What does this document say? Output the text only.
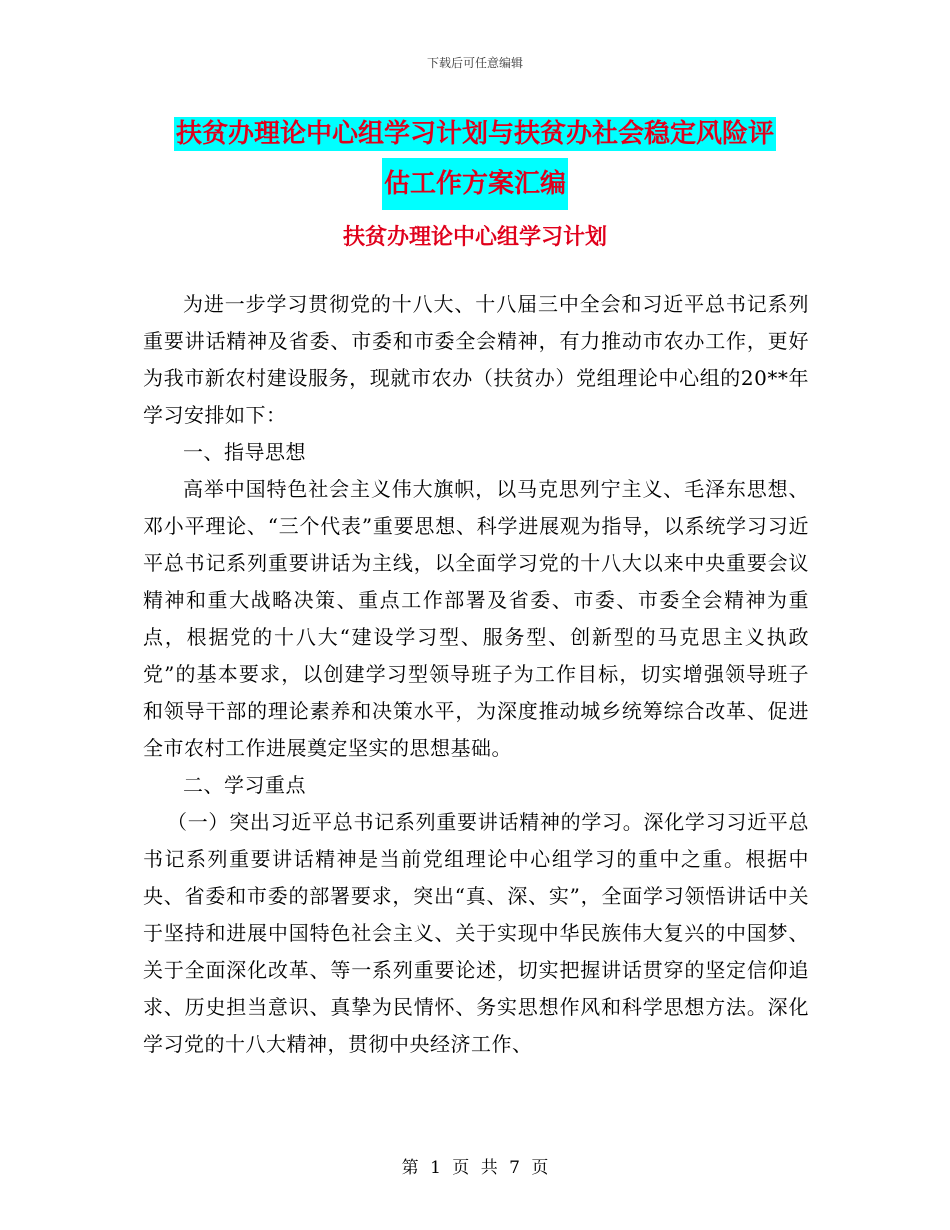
下载后可任意编辑
扶贫办理论中心组学习计划与扶贫办社会稳定风险评
估工作方案汇编
扶贫办理论中心组学习计划

为进一步学习贯彻党的十八大、十八届三中全会和习近平总书记系列重要讲话精神及省委、市委和市委全会精神，有力推动市农办工作，更好为我市新农村建设服务，现就市农办（扶贫办）党组理论中心组的20**年学习安排如下：

一、指导思想

高举中国特色社会主义伟大旗帜，以马克思列宁主义、毛泽东思想、邓小平理论、“三个代表”重要思想、科学进展观为指导，以系统学习习近平总书记系列重要讲话为主线，以全面学习党的十八大以来中央重要会议精神和重大战略决策、重点工作部署及省委、市委、市委全会精神为重点，根据党的十八大“建设学习型、服务型、创新型的马克思主义执政党”的基本要求，以创建学习型领导班子为工作目标，切实增强领导班子和领导干部的理论素养和决策水平，为深度推动城乡统筹综合改革、促进全市农村工作进展奠定坚实的思想基础。

二、学习重点

（一）突出习近平总书记系列重要讲话精神的学习。深化学习习近平总书记系列重要讲话精神是当前党组理论中心组学习的重中之重。根据中央、省委和市委的部署要求，突出“真、深、实”，全面学习领悟讲话中关于坚持和进展中国特色社会主义、关于实现中华民族伟大复兴的中国梦、关于全面深化改革、等一系列重要论述，切实把握讲话贯穿的坚定信仰追求、历史担当意识、真挚为民情怀、务实思想作风和科学思想方法。深化学习党的十八大精神，贯彻中央经济工作、

第 1 页 共 7 页
